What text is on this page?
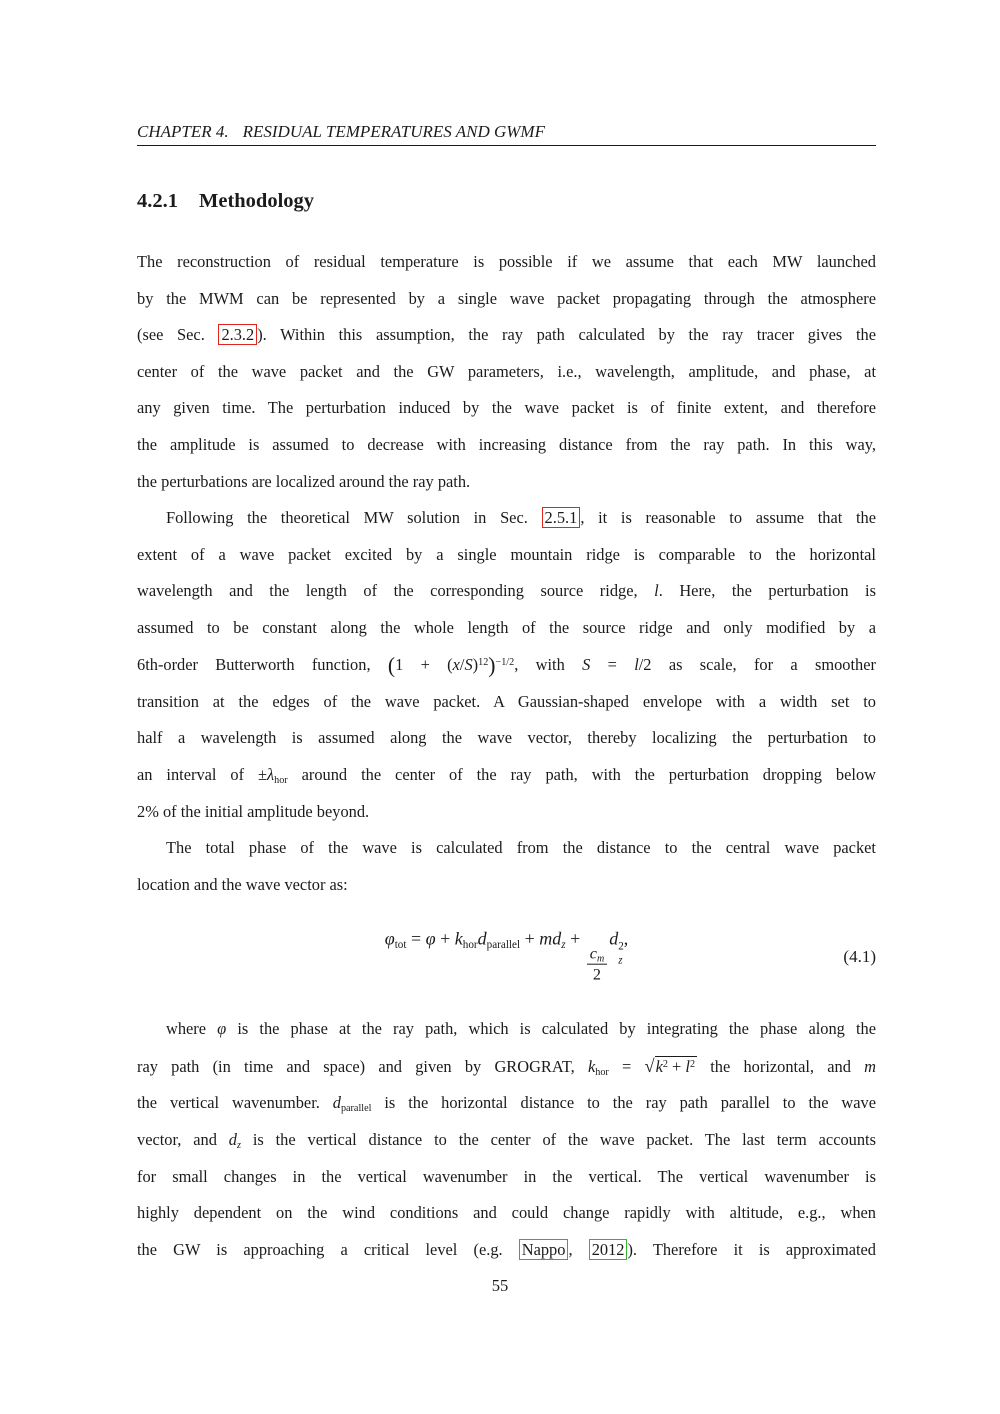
CHAPTER 4. RESIDUAL TEMPERATURES AND GWMF
4.2.1 Methodology
The reconstruction of residual temperature is possible if we assume that each MW launched
by the MWM can be represented by a single wave packet propagating through the atmosphere
(see Sec. 2.3.2 ). Within this assumption, the ray path calculated by the ray tracer gives the
center of the wave packet and the GW parameters, i.e., wavelength, amplitude, and phase, at
any given time. The perturbation induced by the wave packet is of finite extent, and therefore
the amplitude is assumed to decrease with increasing distance from the ray path. In this way,
the perturbations are localized around the ray path.
Following the theoretical MW solution in Sec. 2.5.1 , it is reasonable to assume that the
extent of a wave packet excited by a single mountain ridge is comparable to the horizontal
wavelength and the length of the corresponding source ridge, l. Here, the perturbation is
assumed to be constant along the whole length of the source ridge and only modified by a
6th-order Butterworth function, $(1 + (x/S)^{12})^{-1/2}$, with S = l/2 as scale, for a smoother
transition at the edges of the wave packet. A Gaussian-shaped envelope with a width set to
half a wavelength is assumed along the wave vector, thereby localizing the perturbation to
an interval of $\pm\lambda_{hor}$ around the center of the ray path, with the perturbation dropping below
2% of the initial amplitude beyond.
The total phase of the wave is calculated from the distance to the central wave packet
location and the wave vector as:
$\varphi_{tot} = \varphi + k_{hor}d_{parallel} + md_z$ +
$\frac{c_m}{2}$
d 2
z
,
(4.1)
where φ is the phase at the ray path, which is calculated by integrating the phase along the
ray path (in time and space) and given by GROGRAT, $k_{hor} = √k^2 + l^2$ the horizontal, and m
the vertical wavenumber. $d_{parallel}$ is the horizontal distance to the ray path parallel to the wave
vector, and $d_z$ is the vertical distance to the center of the wave packet. The last term accounts
for small changes in the vertical wavenumber in the vertical. The vertical wavenumber is
highly dependent on the wind conditions and could change rapidly with altitude, e.g., when
the GW is approaching a critical level (e.g. Nappo , 2012 ). Therefore it is approximated
55
